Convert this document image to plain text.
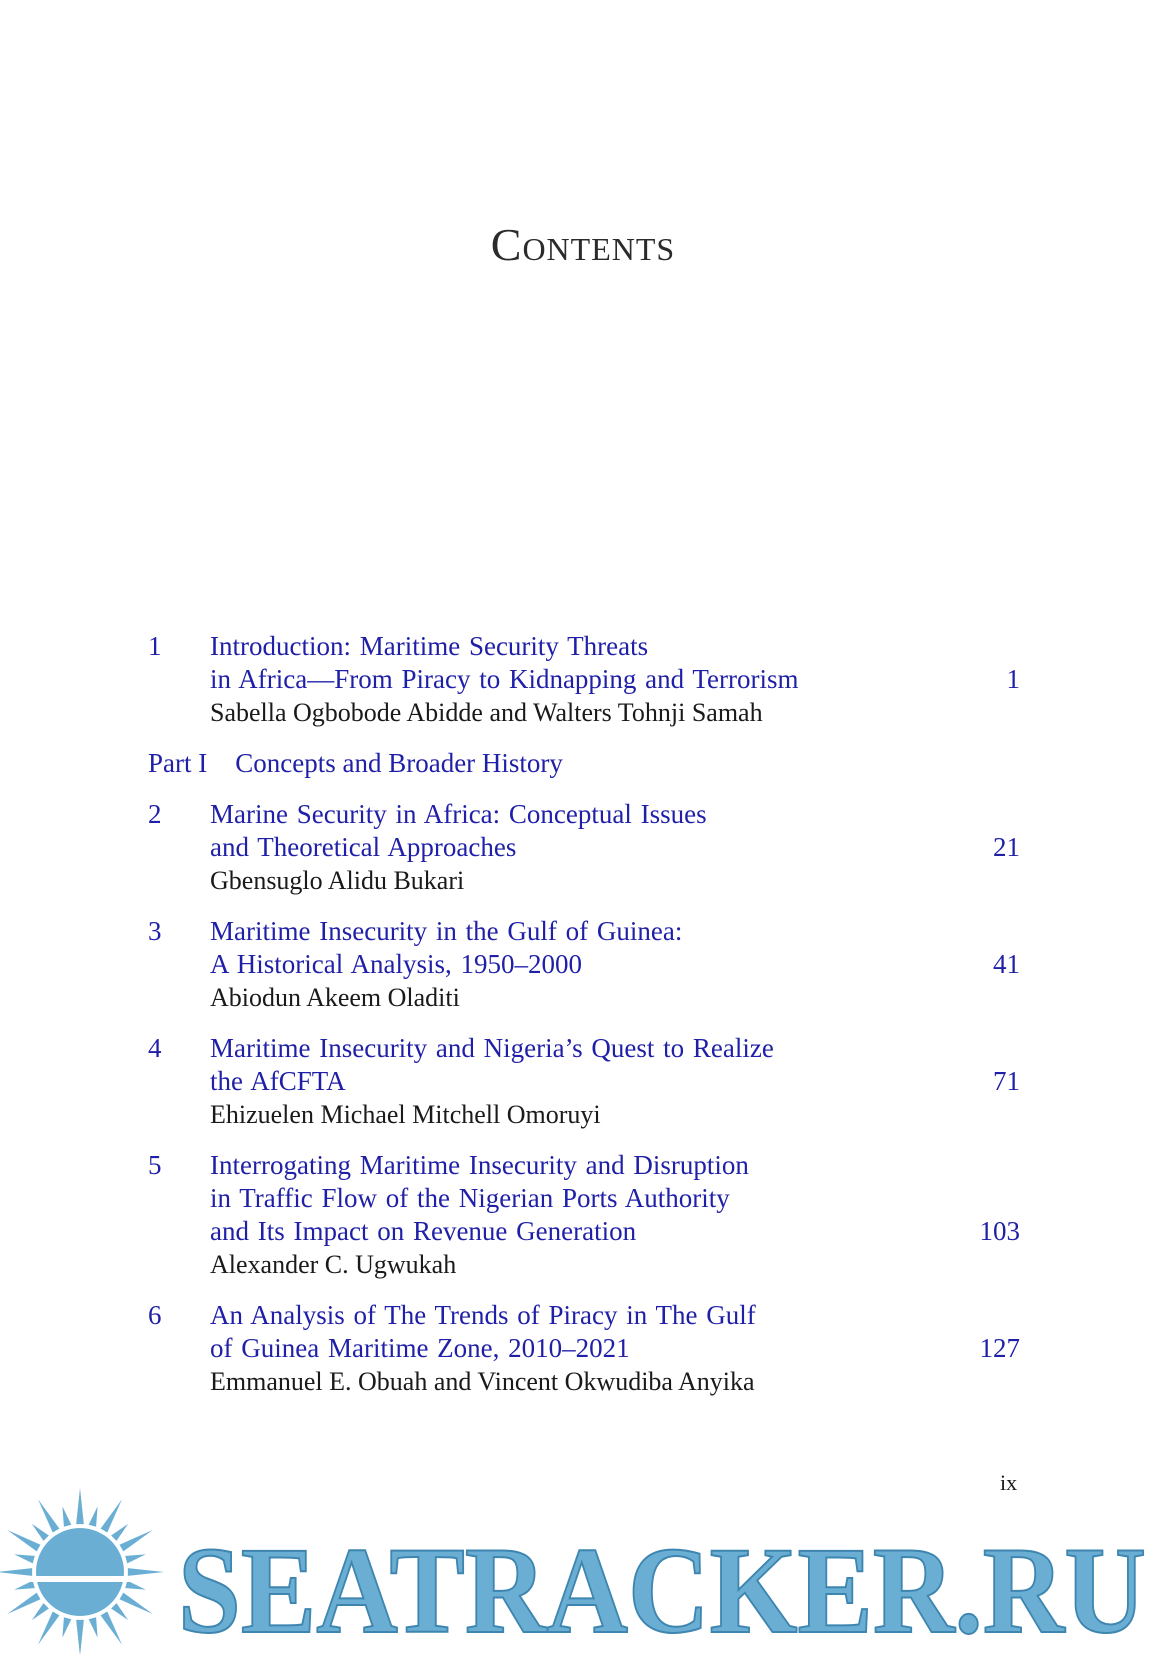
Contents
1	Introduction: Maritime Security Threats
in Africa—From Piracy to Kidnapping and Terrorism	1
Sabella Ogbobode Abidde and Walters Tohnji Samah
Part I Concepts and Broader History
2	Marine Security in Africa: Conceptual Issues
and Theoretical Approaches	21
Gbensuglo Alidu Bukari
3	Maritime Insecurity in the Gulf of Guinea:
A Historical Analysis, 1950–2000	41
Abiodun Akeem Oladiti
4	Maritime Insecurity and Nigeria’s Quest to Realize
the AfCFTA	71
Ehizuelen Michael Mitchell Omoruyi
5	Interrogating Maritime Insecurity and Disruption
in Traffic Flow of the Nigerian Ports Authority
and Its Impact on Revenue Generation	103
Alexander C. Ugwukah
6	An Analysis of The Trends of Piracy in The Gulf
of Guinea Maritime Zone, 2010–2021	127
Emmanuel E. Obuah and Vincent Okwudiba Anyika
ix
SEATRACKER.RU
